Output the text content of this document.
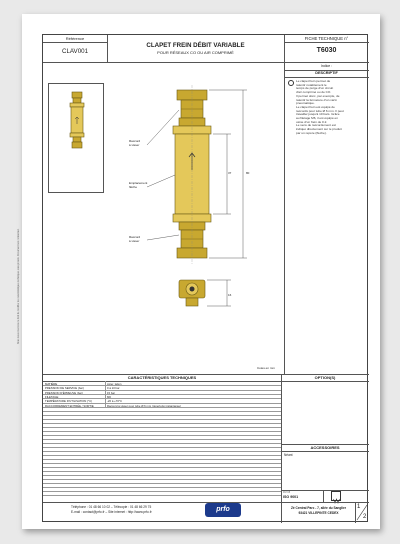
Référence
CLAV001
CLAPET FREIN DÉBIT VARIABLE
POUR RÉSEAUX CO OU AIR COMPRIMÉ
FICHE TECHNIQUE n°
T6030
Indice :
DESCRIPTIF
Le clapet frein permet de
ralentir notablement le
temps de purge d'un circuit
d'air comprimé ou de CO.
Il permet donc, par exemple, de
ralentir la fermeture d'un vérin
pneumatique.
Le clapet frein est équipé de
raccords pour tube Ø 6 mm. Il peut
travailler jusqu'à 10 bars. Grâce
au filetage M6, il est équipé en
usine d'un frein de 0.2.
Le sens de raccordement est
indiqué directement sur le produit
par un repère (flèche).
Raccord
à visser
Emplacement
flèche
Raccord
à visser
37	80
16
Cotes en mm
CARACTÉRISTIQUES TECHNIQUES	OPTION(S)
MATIÈRE	Acier, laiton
PRESSION DE SERVICE (bar)	0 à 10 bar
PRESSION D'ÉPREUVE (bar)	15 bar
FILETAGE	M6
TEMPÉRATURE D'UTILISATION (°C)	-20 à +70°C
RACCORDEMENT ENTRÉE / SORTIE	Raccord à visser pour tube Ø 6 mm (répertorié instantanée)
ACCESSOIRES
Néant
FM 08
ISO 9001
Téléphone : 01 48 66 10 02 – Télécopie : 01 48 66 29 75
E-mail : contact@prfo.fr – Site internet : http://www.prfo.fr	prfo	Zé Central Parc - 7, allée du Sanglier
93421 VILLEPINTE CEDEX
1
2
Nous nous réservons le droit de modifier les caractéristiques techniques sans préavis. Document non contractuel.
